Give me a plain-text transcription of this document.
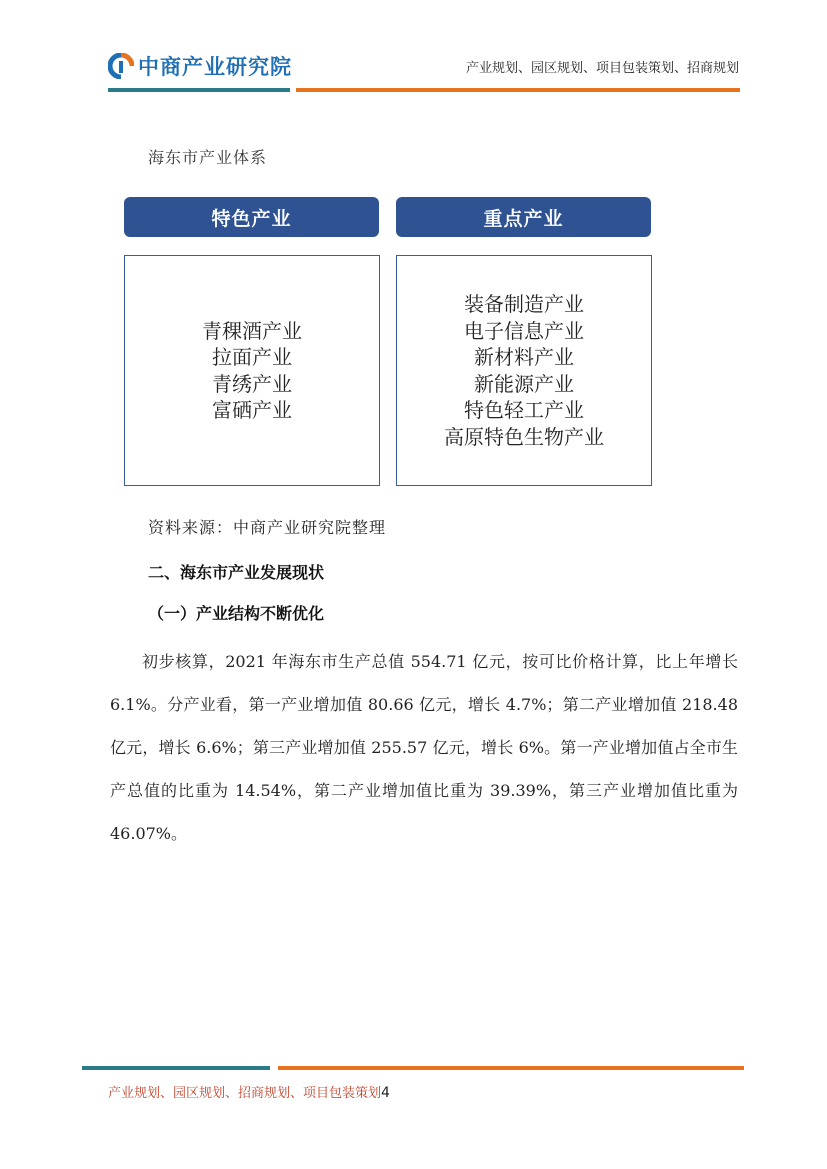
中商产业研究院	产业规划、园区规划、项目包装策划、招商规划
海东市产业体系
特色产业
青稞酒产业
拉面产业
青绣产业
富硒产业
重点产业
装备制造产业
电子信息产业
新材料产业
新能源产业
特色轻工产业
高原特色生物产业
资料来源：中商产业研究院整理
二、海东市产业发展现状
（一）产业结构不断优化
初步核算，2021 年海东市生产总值 554.71 亿元，按可比价格计算，比上年增长 6.1%。分产业看，第一产业增加值 80.66 亿元，增长 4.7%；第二产业增加值 218.48 亿元，增长 6.6%；第三产业增加值 255.57 亿元，增长 6%。第一产业增加值占全市生产总值的比重为 14.54%，第二产业增加值比重为 39.39%，第三产业增加值比重为 46.07%。
产业规划、园区规划、招商规划、项目包装策划4
